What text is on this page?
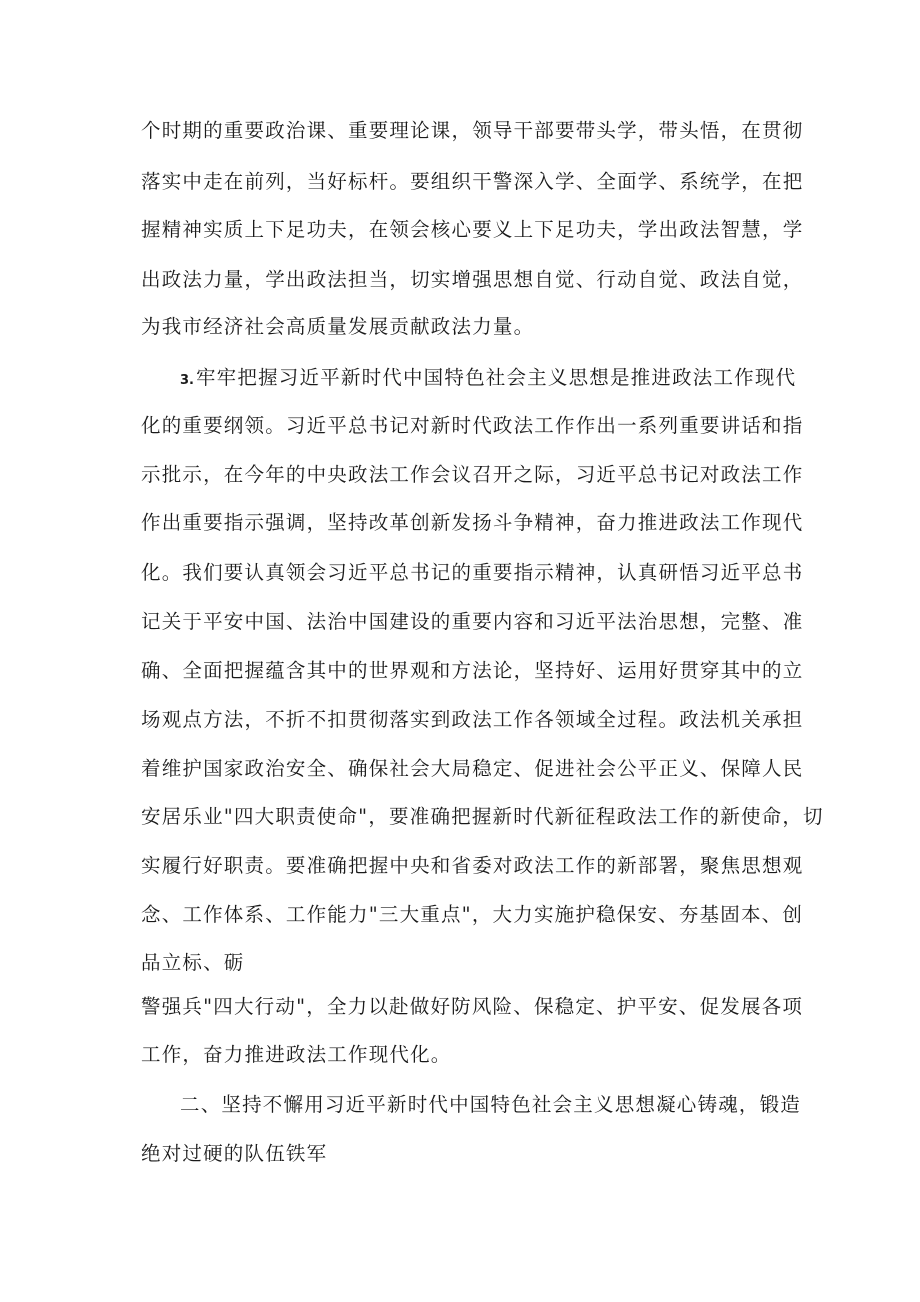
个时期的重要政治课、重要理论课，领导干部要带头学，带头悟，在贯彻
落实中走在前列，当好标杆。要组织干警深入学、全面学、系统学，在把
握精神实质上下足功夫，在领会核心要义上下足功夫，学出政法智慧，学
出政法力量，学出政法担当，切实增强思想自觉、行动自觉、政法自觉，
为我市经济社会高质量发展贡献政法力量。
3. 牢牢把握习近平新时代中国特色社会主义思想是推进政法工作现代
化的重要纲领。习近平总书记对新时代政法工作作出一系列重要讲话和指
示批示，在今年的中央政法工作会议召开之际，习近平总书记对政法工作
作出重要指示强调，坚持改革创新发扬斗争精神，奋力推进政法工作现代
化。我们要认真领会习近平总书记的重要指示精神，认真研悟习近平总书
记关于平安中国、法治中国建设的重要内容和习近平法治思想，完整、准
确、全面把握蕴含其中的世界观和方法论，坚持好、运用好贯穿其中的立
场观点方法，不折不扣贯彻落实到政法工作各领域全过程。政法机关承担
着维护国家政治安全、确保社会大局稳定、促进社会公平正义、保障人民
安居乐业"四大职责使命"，要准确把握新时代新征程政法工作的新使命，切
实履行好职责。要准确把握中央和省委对政法工作的新部署，聚焦思想观
念、工作体系、工作能力"三大重点"，大力实施护稳保安、夯基固本、创
品立标、砺
警强兵"四大行动"，全力以赴做好防风险、保稳定、护平安、促发展各项
工作，奋力推进政法工作现代化。
二、坚持不懈用习近平新时代中国特色社会主义思想凝心铸魂，锻造
绝对过硬的队伍铁军
